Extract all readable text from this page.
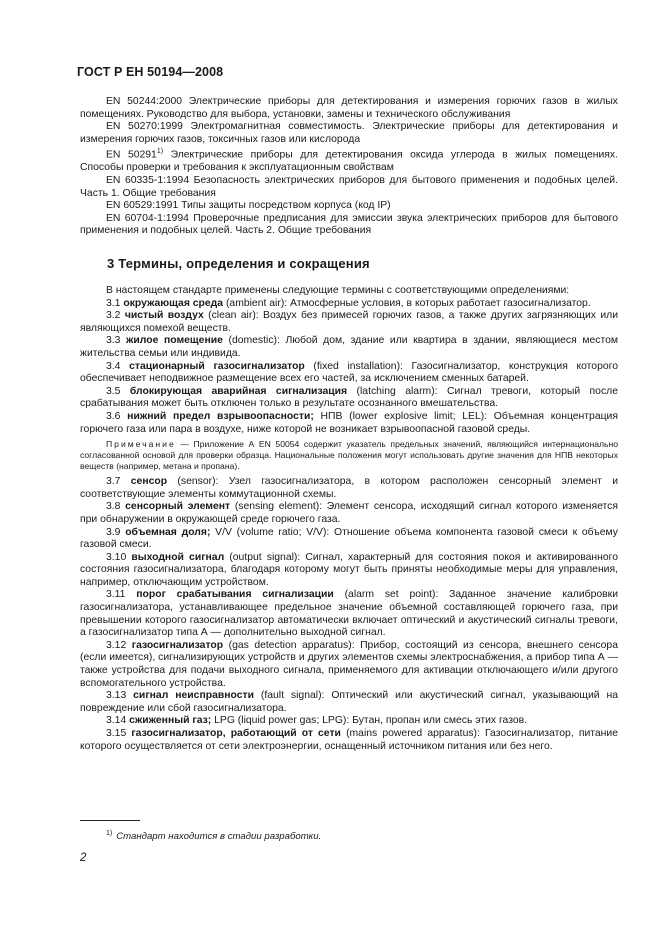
ГОСТ Р ЕН 50194—2008

EN 50244:2000 Электрические приборы для детектирования и измерения горючих газов в жилых помещениях. Руководство для выбора, установки, замены и технического обслуживания

EN 50270:1999 Электромагнитная совместимость. Электрические приборы для детектирования и измерения горючих газов, токсичных газов или кислорода

EN 50291$^{1)}$ Электрические приборы для детектирования оксида углерода в жилых помещениях. Способы проверки и требования к эксплуатационным свойствам

EN 60335-1:1994 Безопасность электрических приборов для бытового применения и подобных целей. Часть 1. Общие требования

EN 60529:1991 Типы защиты посредством корпуса (код IP)

EN 60704-1:1994 Проверочные предписания для эмиссии звука электрических приборов для бытового применения и подобных целей. Часть 2. Общие требования

3 Термины, определения и сокращения

В настоящем стандарте применены следующие термины с соответствующими определениями:

3.1 окружающая среда (ambient air): Атмосферные условия, в которых работает газосигнализатор.

3.2 чистый воздух (clean air): Воздух без примесей горючих газов, а также других загрязняющих или являющихся помехой веществ.

3.3 жилое помещение (domestic): Любой дом, здание или квартира в здании, являющиеся местом жительства семьи или индивида.

3.4 стационарный газосигнализатор (fixed installation): Газосигнализатор, конструкция которого обеспечивает неподвижное размещение всех его частей, за исключением сменных батарей.

3.5 блокирующая аварийная сигнализация (latching alarm): Сигнал тревоги, который после срабатывания может быть отключен только в результате осознанного вмешательства.

3.6 нижний предел взрывоопасности; НПВ (lower explosive limit; LEL): Объемная концентрация горючего газа или пара в воздухе, ниже которой не возникает взрывоопасной газовой среды.

Примечание — Приложение А EN 50054 содержит указатель предельных значений, являющийся интернационально согласованной основой для проверки образца. Национальные положения могут использовать другие значения для НПВ некоторых веществ (например, метана и пропана).

3.7 сенсор (sensor): Узел газосигнализатора, в котором расположен сенсорный элемент и соответствующие элементы коммутационной схемы.

3.8 сенсорный элемент (sensing element): Элемент сенсора, исходящий сигнал которого изменяется при обнаружении в окружающей среде горючего газа.

3.9 объемная доля; V/V (volume ratio; V/V): Отношение объема компонента газовой смеси к объему газовой смеси.

3.10 выходной сигнал (output signal): Сигнал, характерный для состояния покоя и активированного состояния газосигнализатора, благодаря которому могут быть приняты необходимые меры для управления, например, отключающим устройством.

3.11 порог срабатывания сигнализации (alarm set point): Заданное значение калибровки газосигнализатора, устанавливающее предельное значение объемной составляющей горючего газа, при превышении которого газосигнализатор автоматически включает оптический и акустический сигналы тревоги, а газосигнализатор типа А — дополнительно выходной сигнал.

3.12 газосигнализатор (gas detection apparatus): Прибор, состоящий из сенсора, внешнего сенсора (если имеется), сигнализирующих устройств и других элементов схемы электроснабжения, а прибор типа А — также устройства для подачи выходного сигнала, применяемого для активации отключающего и/или другого вспомогательного устройства.

3.13 сигнал неисправности (fault signal): Оптический или акустический сигнал, указывающий на повреждение или сбой газосигнализатора.

3.14 сжиженный газ; LPG (liquid power gas; LPG): Бутан, пропан или смесь этих газов.

3.15 газосигнализатор, работающий от сети (mains powered apparatus): Газосигнализатор, питание которого осуществляется от сети электроэнергии, оснащенный источником питания или без него.

$^{1)}$ Стандарт находится в стадии разработки.
2
